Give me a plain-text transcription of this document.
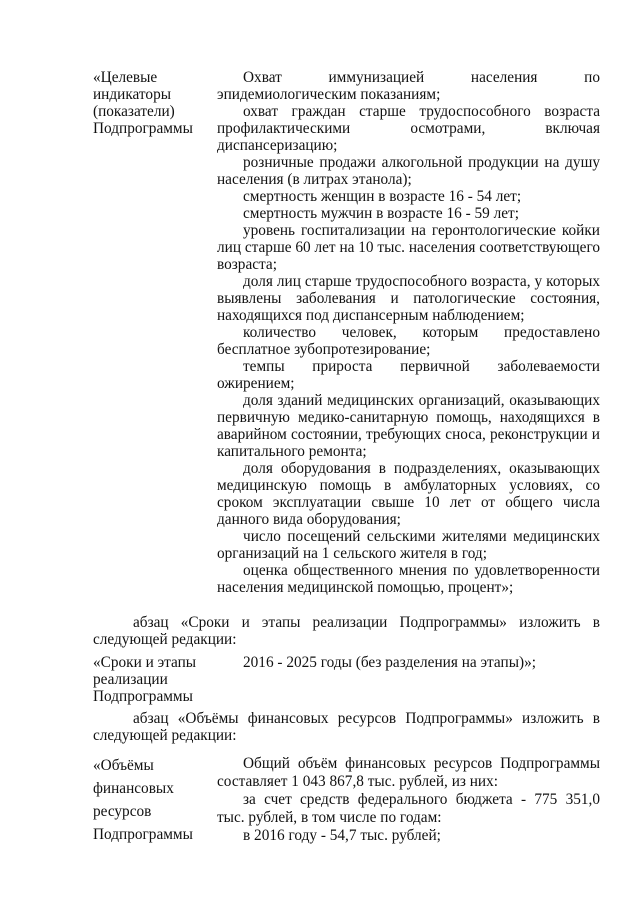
«Целевые индикаторы (показатели) Подпрограммы

Охват иммунизацией населения по эпидемиологическим показаниям;

охват граждан старше трудоспособного возраста профилактическими осмотрами, включая диспансеризацию;

розничные продажи алкогольной продукции на душу населения (в литрах этанола);

смертность женщин в возрасте 16 - 54 лет;

смертность мужчин в возрасте 16 - 59 лет;

уровень госпитализации на геронтологические койки лиц старше 60 лет на 10 тыс. населения соответствующего возраста;

доля лиц старше трудоспособного возраста, у которых выявлены заболевания и патологические состояния, находящихся под диспансерным наблюдением;

количество человек, которым предоставлено бесплатное зубопротезирование;

темпы прироста первичной заболеваемости ожирением;

доля зданий медицинских организаций, оказывающих первичную медико-санитарную помощь, находящихся в аварийном состоянии, требующих сноса, реконструкции и капитального ремонта;

доля оборудования в подразделениях, оказывающих медицинскую помощь в амбулаторных условиях, со сроком эксплуатации свыше 10 лет от общего числа данного вида оборудования;

число посещений сельскими жителями медицинских организаций на 1 сельского жителя в год;

оценка общественного мнения по удовлетворенности населения медицинской помощью, процент»;

абзац «Сроки и этапы реализации Подпрограммы» изложить в следующей редакции:

«Сроки и этапы реализации Подпрограммы

2016 - 2025 годы (без разделения на этапы)»;

абзац «Объёмы финансовых ресурсов Подпрограммы» изложить в следующей редакции:

«Объёмы финансовых ресурсов Подпрограммы

Общий объём финансовых ресурсов Подпрограммы составляет 1 043 867,8 тыс. рублей, из них:

за счет средств федерального бюджета - 775 351,0 тыс. рублей, в том числе по годам:

в 2016 году - 54,7 тыс. рублей;
